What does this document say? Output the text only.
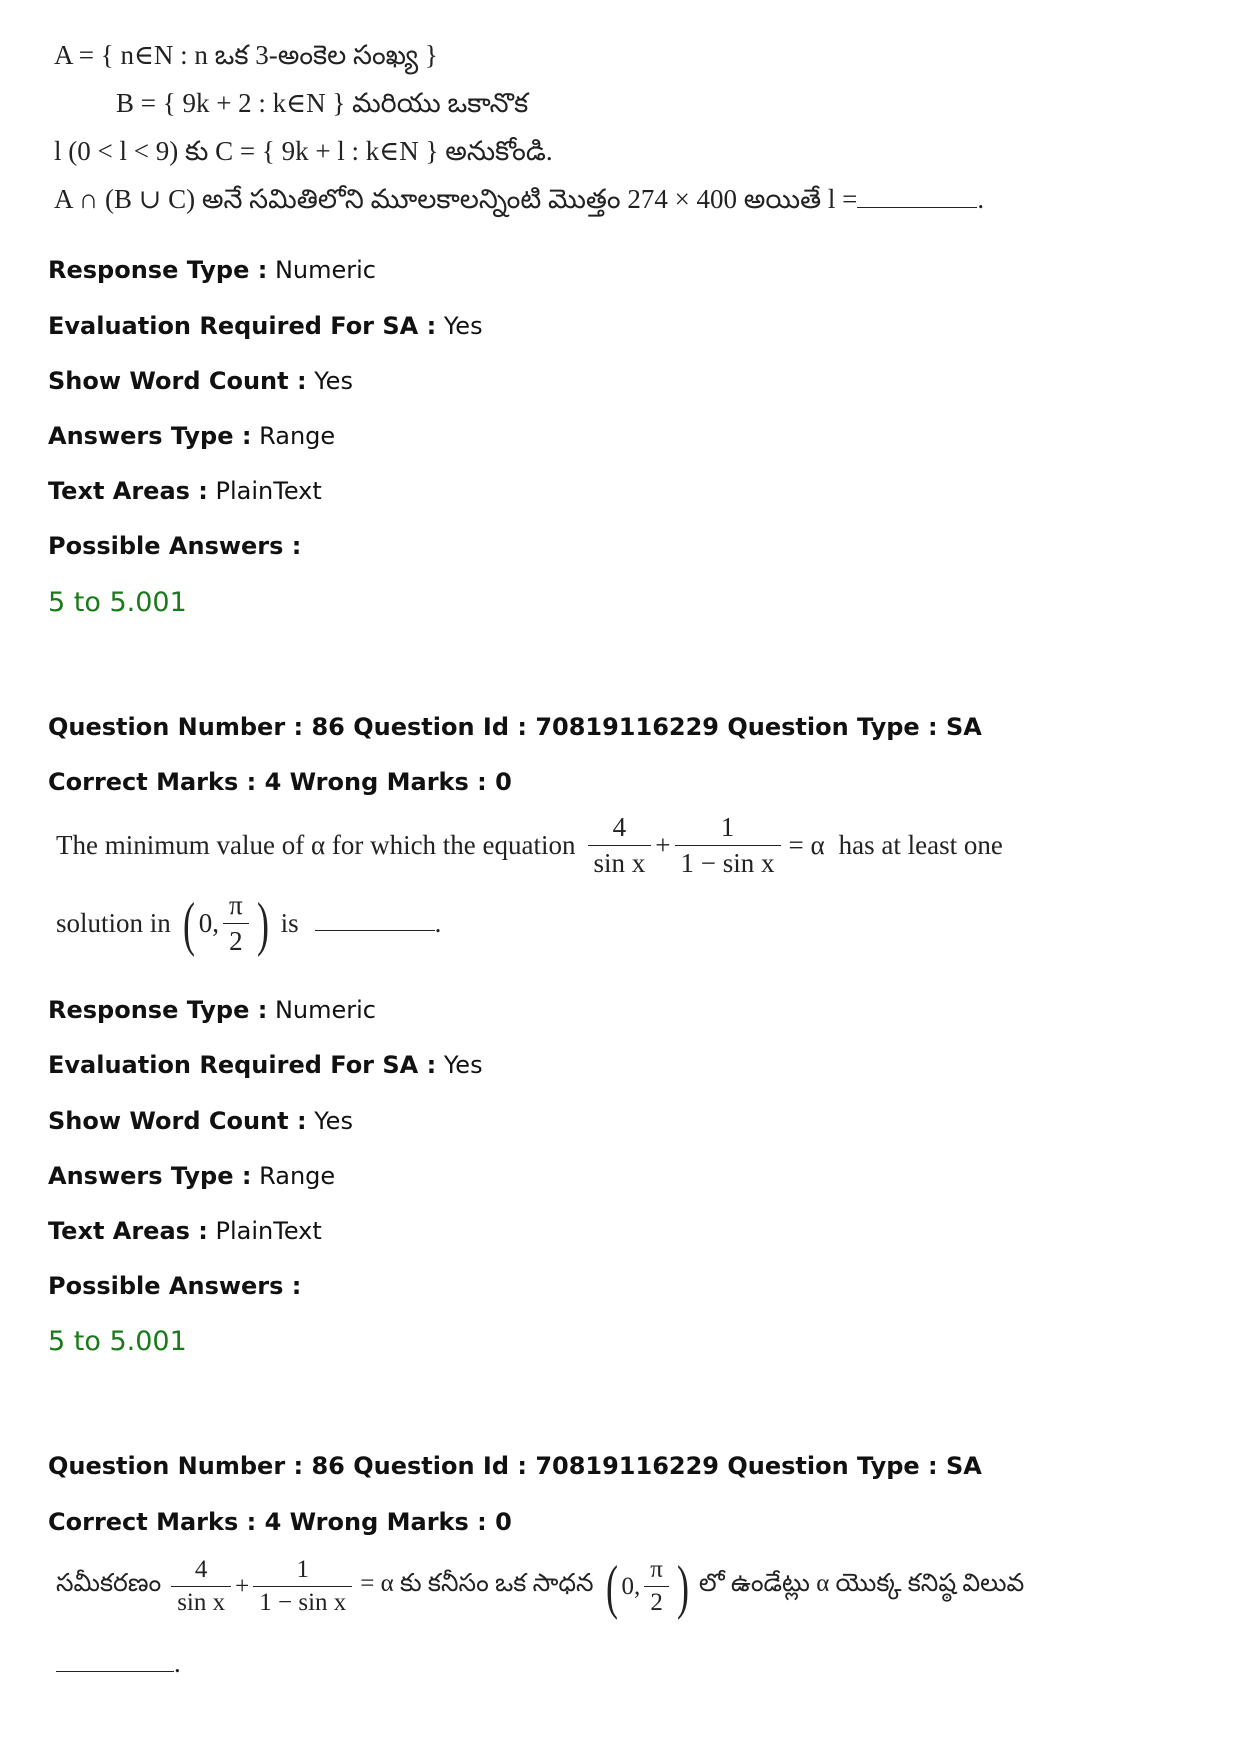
A = { n∈N : n ఒక 3-అంకెల సంఖ్య }
B = { 9k + 2 : k∈N } మరియు ఒకానొక
l (0 < l < 9) కు C = { 9k + l : k∈N } అనుకోండి.
A ∩ (B ∪ C) అనే సమితిలోని మూలకాలన్నింటి మొత్తం 274 × 400 అయితే l =	.
Response Type : Numeric
Evaluation Required For SA : Yes
Show Word Count : Yes
Answers Type : Range
Text Areas : PlainText
Possible Answers :
5 to 5.001
Question Number : 86 Question Id : 70819116229 Question Type : SA
Correct Marks : 4 Wrong Marks : 0
The minimum value of α for which the equation $\frac{4}{\text{sin x}} + \frac{1}{\text{1 − sin x}} = \alpha$ has at least one
solution in ( 0, $\frac{\pi}{2}$ ) is	.
Response Type : Numeric
Evaluation Required For SA : Yes
Show Word Count : Yes
Answers Type : Range
Text Areas : PlainText
Possible Answers :
5 to 5.001
Question Number : 86 Question Id : 70819116229 Question Type : SA
Correct Marks : 4 Wrong Marks : 0
సమీకరణం $\frac{4}{\text{sin x}} + \frac{1}{\text{1 − sin x}} = \alpha$ కు కనీసం ఒక సాధన ( 0, $\frac{\pi}{2}$ ) లో ఉండేట్లు α యొక్క కనిష్ఠ విలువ
.
